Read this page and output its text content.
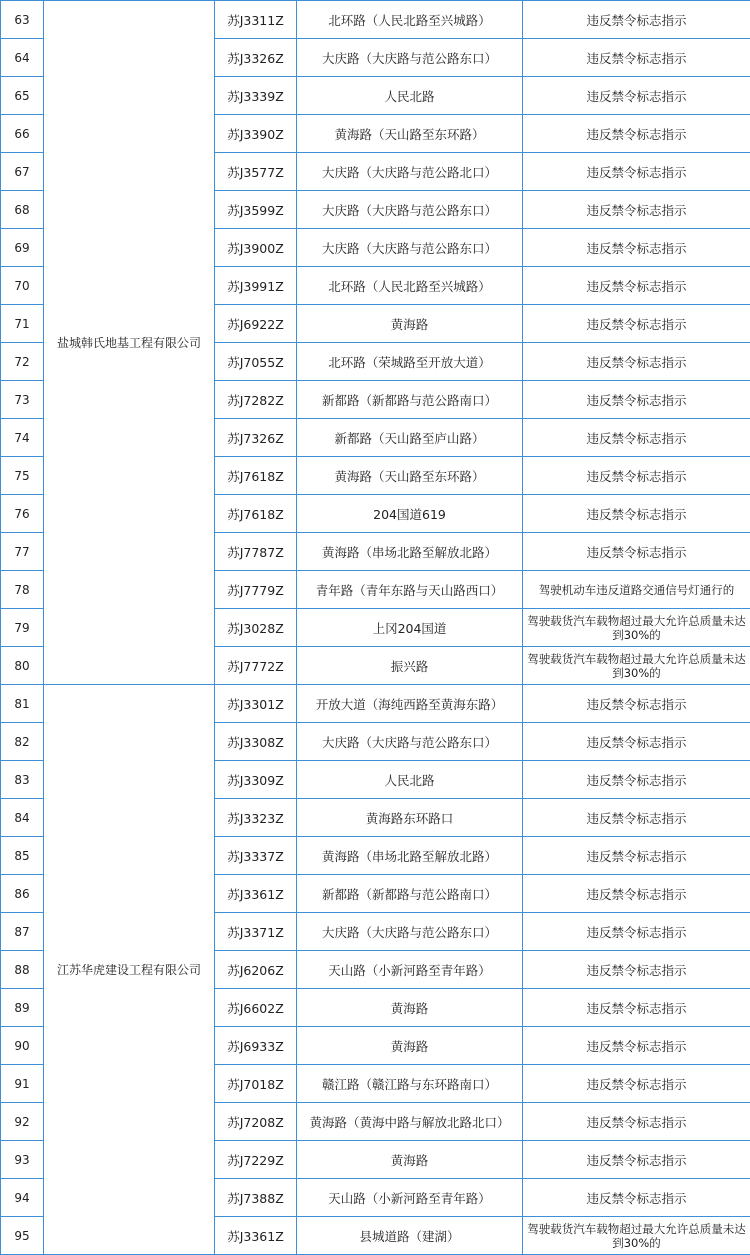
63	盐城韩氏地基工程有限公司	苏J3311Z	北环路（人民北路至兴城路）	违反禁令标志指示
64		苏J3326Z	大庆路（大庆路与范公路东口）	违反禁令标志指示
65		苏J3339Z	人民北路	违反禁令标志指示
66		苏J3390Z	黄海路（天山路至东环路）	违反禁令标志指示
67		苏J3577Z	大庆路（大庆路与范公路北口）	违反禁令标志指示
68		苏J3599Z	大庆路（大庆路与范公路东口）	违反禁令标志指示
69		苏J3900Z	大庆路（大庆路与范公路东口）	违反禁令标志指示
70		苏J3991Z	北环路（人民北路至兴城路）	违反禁令标志指示
71		苏J6922Z	黄海路	违反禁令标志指示
72		苏J7055Z	北环路（荣城路至开放大道）	违反禁令标志指示
73		苏J7282Z	新都路（新都路与范公路南口）	违反禁令标志指示
74		苏J7326Z	新都路（天山路至庐山路）	违反禁令标志指示
75		苏J7618Z	黄海路（天山路至东环路）	违反禁令标志指示
76		苏J7618Z	204国道619	违反禁令标志指示
77		苏J7787Z	黄海路（串场北路至解放北路）	违反禁令标志指示
78		苏J7779Z	青年路（青年东路与天山路西口）	驾驶机动车违反道路交通信号灯通行的
79		苏J3028Z	上冈204国道	驾驶载货汽车载物超过最大允许总质量未达到30%的
80		苏J7772Z	振兴路	驾驶载货汽车载物超过最大允许总质量未达到30%的
81	江苏华虎建设工程有限公司	苏J3301Z	开放大道（海纯西路至黄海东路）	违反禁令标志指示
82		苏J3308Z	大庆路（大庆路与范公路东口）	违反禁令标志指示
83		苏J3309Z	人民北路	违反禁令标志指示
84		苏J3323Z	黄海路东环路口	违反禁令标志指示
85		苏J3337Z	黄海路（串场北路至解放北路）	违反禁令标志指示
86		苏J3361Z	新都路（新都路与范公路南口）	违反禁令标志指示
87		苏J3371Z	大庆路（大庆路与范公路东口）	违反禁令标志指示
88		苏J6206Z	天山路（小新河路至青年路）	违反禁令标志指示
89		苏J6602Z	黄海路	违反禁令标志指示
90		苏J6933Z	黄海路	违反禁令标志指示
91		苏J7018Z	赣江路（赣江路与东环路南口）	违反禁令标志指示
92		苏J7208Z	黄海路（黄海中路与解放北路北口）	违反禁令标志指示
93		苏J7229Z	黄海路	违反禁令标志指示
94		苏J7388Z	天山路（小新河路至青年路）	违反禁令标志指示
95		苏J3361Z	县城道路（建湖）	驾驶载货汽车载物超过最大允许总质量未达到30%的
